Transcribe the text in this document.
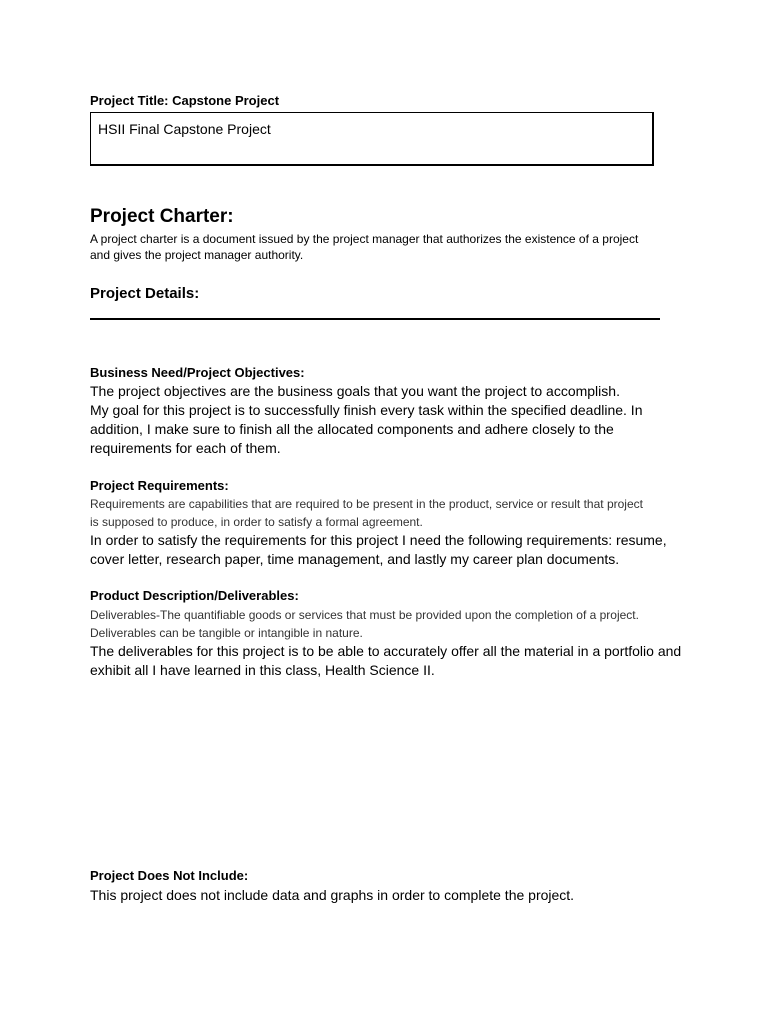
Project Title: Capstone Project

HSII Final Capstone Project

Project Charter:

A project charter is a document issued by the project manager that authorizes the existence of a project

and gives the project manager authority.

Project Details:

Business Need/Project Objectives:

The project objectives are the business goals that you want the project to accomplish.

My goal for this project is to successfully finish every task within the specified deadline. In

addition, I make sure to finish all the allocated components and adhere closely to the

requirements for each of them.

Project Requirements:

Requirements are capabilities that are required to be present in the product, service or result that project

is supposed to produce, in order to satisfy a formal agreement.

In order to satisfy the requirements for this project I need the following requirements: resume,

cover letter, research paper, time management, and lastly my career plan documents.

Product Description/Deliverables:

Deliverables-The quantifiable goods or services that must be provided upon the completion of a project.

Deliverables can be tangible or intangible in nature.

The deliverables for this project is to be able to accurately offer all the material in a portfolio and

exhibit all I have learned in this class, Health Science II.

Project Does Not Include:

This project does not include data and graphs in order to complete the project.
